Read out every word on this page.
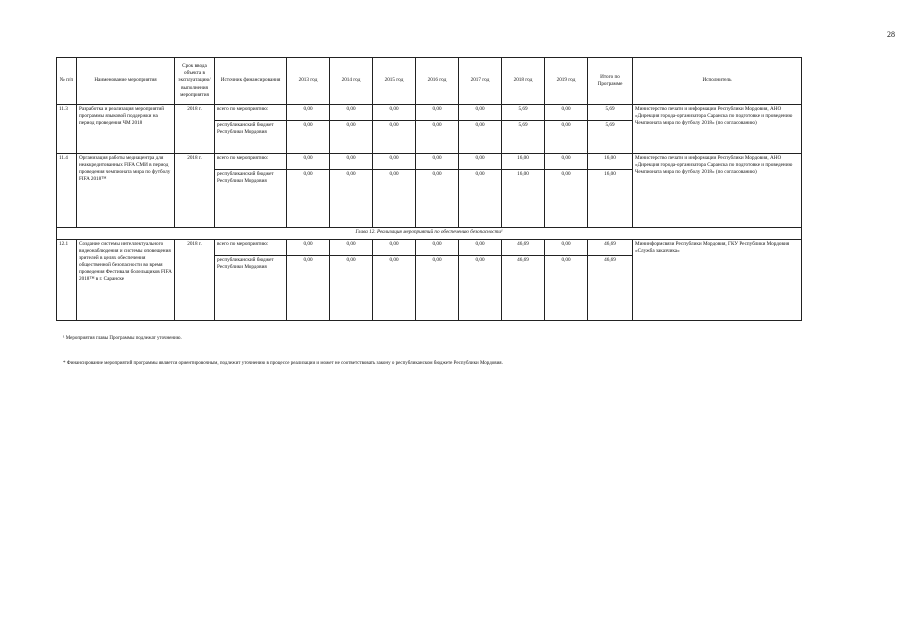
28
№ п/п	Наименование мероприятия	Срок ввода объекта в эксплуатацию/ выполнения мероприятия	Источник финансирования	2013 год	2014 год	2015 год	2016 год	2017 год	2018 год	2019 год	Итого по Программе	Исполнитель
11.3	Разработка и реализация мероприятий программы языковой поддержки на период проведения ЧМ 2018	2018 г.	всего по мероприятию:	0,00	0,00	0,00	0,00	0,00	5,69	0,00	5,69	Министерство печати и информации Республики Мордовия, АНО «Дирекция города-организатора Саранска по подготовке и проведению Чемпионата мира по футболу 2018» (по согласованию)
			республиканский бюджет Республики Мордовия	0,00	0,00	0,00	0,00	0,00	5,69	0,00	5,69	
11.4	Организация работы медиацентра для неаккредитованных FIFA СМИ в период проведения чемпионата мира по футболу FIFA 2018™	2018 г.	всего по мероприятию:	0,00	0,00	0,00	0,00	0,00	16,00	0,00	16,00	Министерство печати и информации Республики Мордовия, АНО «Дирекция города-организатора Саранска по подготовке и проведению Чемпионата мира по футболу 2018» (по согласованию)
			республиканский бюджет Республики Мордовия	0,00	0,00	0,00	0,00	0,00	16,00	0,00	16,00	
Глава 12. Реализация мероприятий по обеспечению безопасности¹												
12.1	Создание системы интеллектуального видеонаблюдения и системы оповещения зрителей в целях обеспечения общественной безопасности во время проведения Фестиваля болельщиков FIFA 2018™ в г. Саранске	2018 г.	всего по мероприятию:	0,00	0,00	0,00	0,00	0,00	46,69	0,00	46,69	Мининформсвязи Республики Мордовия, ГКУ Республики Мордовия «Служба заказчика»
			республиканский бюджет Республики Мордовия	0,00	0,00	0,00	0,00	0,00	46,69	0,00	46,69	
¹ Мероприятия главы Программы подлежат уточнению.
* Финансирование мероприятий программы является ориентировочным, подлежит уточнению в процессе реализации и может не соответствовать закону о республиканском бюджете Республики Мордовия.
